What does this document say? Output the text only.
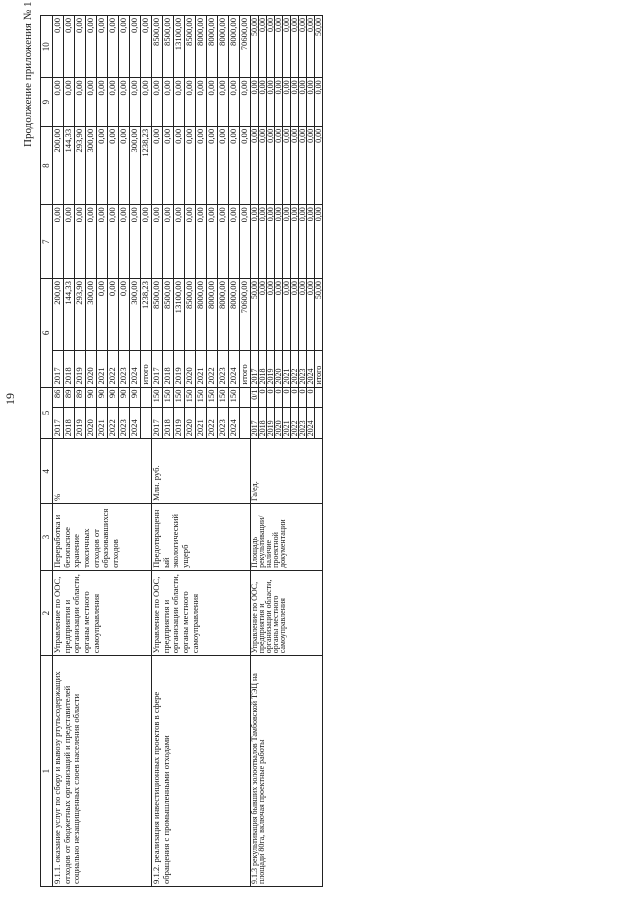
19
Продолжение приложения № 1
1	2	3	4	5		6		7	8	9	10
9.1.1. оказание услуг по сбору и вывозу ртутьсодержащих отходов от бюджетных организаций и представителей социально незащищенных слоев населения области	Управление по ООС, предприятия и организации области, органы местного самоуправления	Переработка и безопасное хранение токсичных отходов от образовавшихся отходов	%	2017	86	2017	200,00	0,00	200,00	0,00	0,00
				2018	89	2018	144,33	0,00	144,33	0,00	0,00
				2019	89	2019	293,90	0,00	293,90	0,00	0,00
				2020	90	2020	300,00	0,00	300,00	0,00	0,00
				2021	90	2021	0,00	0,00	0,00	0,00	0,00
				2022	90	2022	0,00	0,00	0,00	0,00	0,00
				2023	90	2023	0,00	0,00	0,00	0,00	0,00
				2024	90	2024	300,00	0,00	300,00	0,00	0,00
						итого	1238,23	0,00	1238,23	0,00	0,00
9.1.2. реализация инвестиционных проектов в сфере обращения с промышленными отходами	Управление по ООС, предприятия и организации области, органы местного самоуправления	Предотвращенный экологический ущерб	Млн. руб.	2017	150	2017	8500,00	0,00	0,00	0,00	8500,00
				2018	150	2018	8500,00	0,00	0,00	0,00	8500,00
				2019	150	2019	13100,00	0,00	0,00	0,00	13100,00
				2020	150	2020	8500,00	0,00	0,00	0,00	8500,00
				2021	150	2021	8000,00	0,00	0,00	0,00	8000,00
				2022	150	2022	8000,00	0,00	0,00	0,00	8000,00
				2023	150	2023	8000,00	0,00	0,00	0,00	8000,00
				2024	150	2024	8000,00	0,00	0,00	0,00	8000,00
						итого	70600,00	0,00	0,00	0,00	70600,00
9.1.3 рекультивация бывших золоотвалов Тамбовской ТЭЦ на площади 80га, включая проектные работы	Управление по ООС, предприятия и организации области, органы местного самоуправления	Площадь рекультивации/наличие проектной документации	Га/ед.	2017	0/1	2017	50,00	0,00	0,00	0,00	50,00
				2018	0	2018	0,00	0,00	0,00	0,00	0,00
				2019	0	2019	0,00	0,00	0,00	0,00	0,00
				2020	0	2020	0,00	0,00	0,00	0,00	0,00
				2021	0	2021	0,00	0,00	0,00	0,00	0,00
				2022	0	2022	0,00	0,00	0,00	0,00	0,00
				2023	0	2023	0,00	0,00	0,00	0,00	0,00
				2024	0	2024	0,00	0,00	0,00	0,00	0,00
						итого	50,00	0,00	0,00	0,00	50,00
